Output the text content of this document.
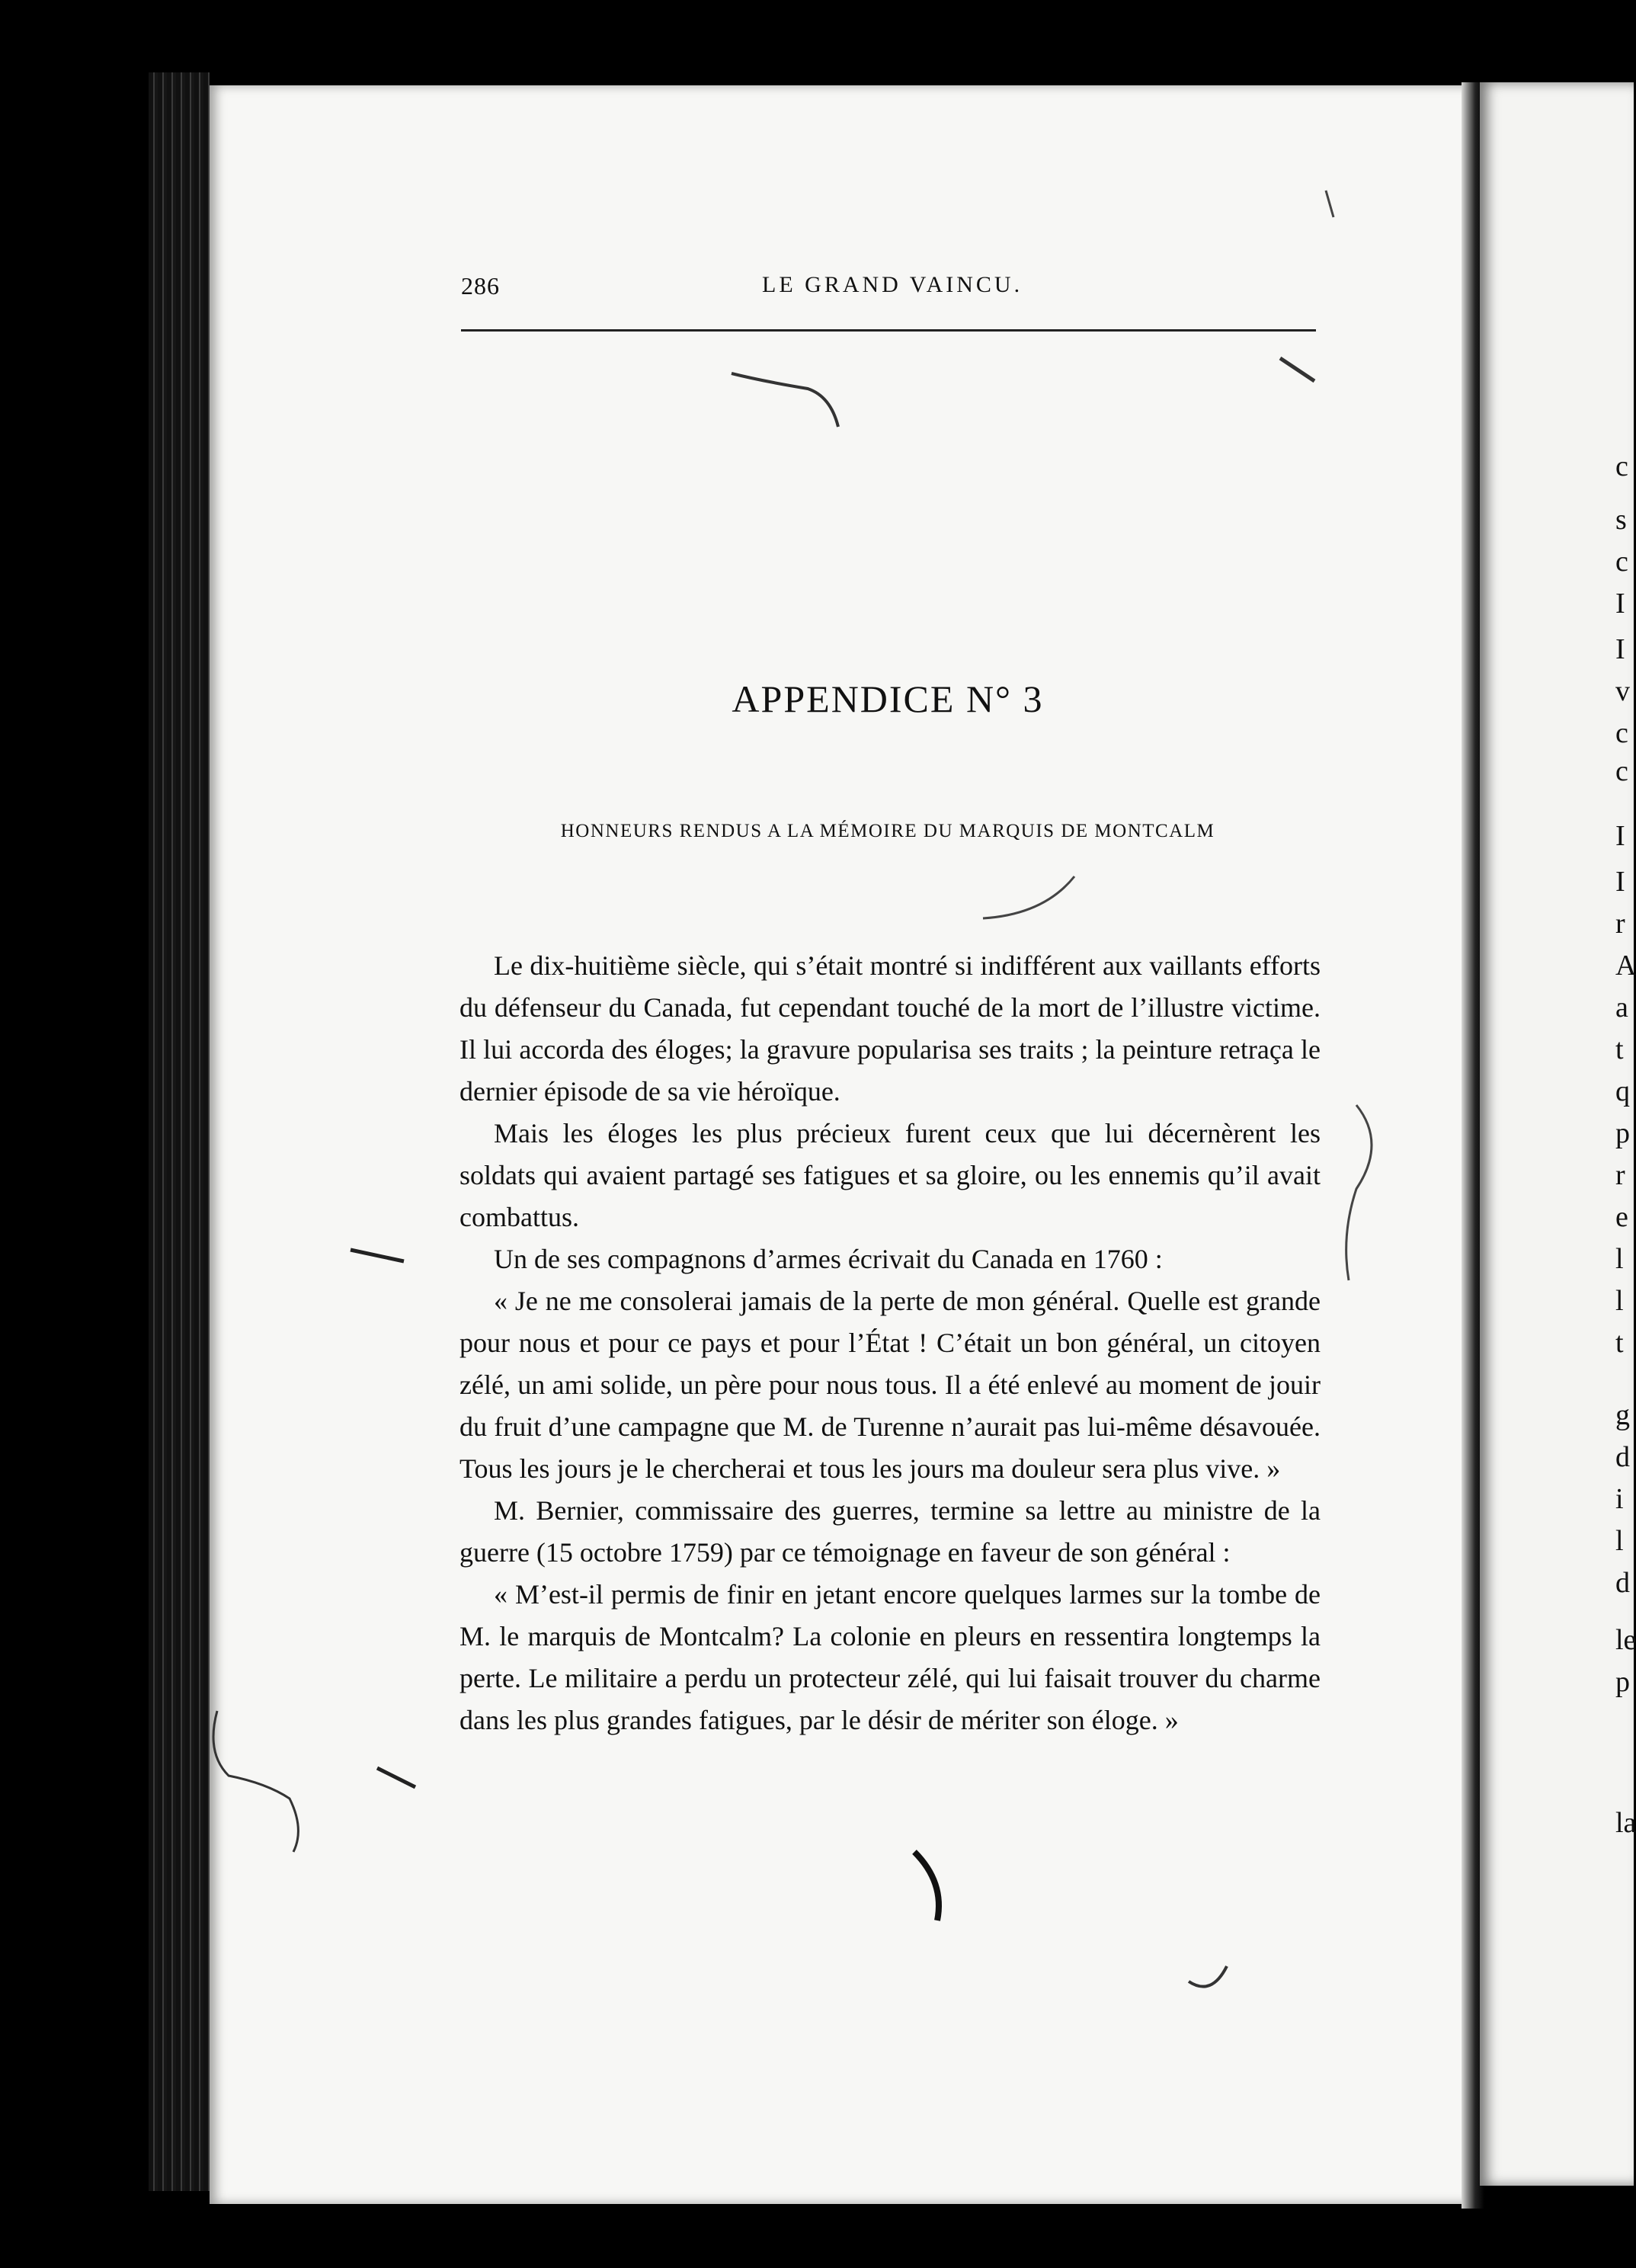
286	LE GRAND VAINCU.
APPENDICE N° 3
HONNEURS RENDUS A LA MÉMOIRE DU MARQUIS DE MONTCALM

Le dix-huitième siècle, qui s’était montré si indifférent aux vaillants efforts du défenseur du Canada, fut cependant touché de la mort de l’illustre victime. Il lui accorda des éloges; la gravure popularisa ses traits ; la peinture retraça le dernier épisode de sa vie héroïque.

Mais les éloges les plus précieux furent ceux que lui décernèrent les soldats qui avaient partagé ses fatigues et sa gloire, ou les ennemis qu’il avait combattus.

Un de ses compagnons d’armes écrivait du Canada en 1760 :

« Je ne me consolerai jamais de la perte de mon général. Quelle est grande pour nous et pour ce pays et pour l’État ! C’était un bon général, un citoyen zélé, un ami solide, un père pour nous tous. Il a été enlevé au moment de jouir du fruit d’une campagne que M. de Turenne n’aurait pas lui-même désavouée. Tous les jours je le chercherai et tous les jours ma douleur sera plus vive. »

M. Bernier, commissaire des guerres, termine sa lettre au ministre de la guerre (15 octobre 1759) par ce témoignage en faveur de son général :

« M’est-il permis de finir en jetant encore quelques larmes sur la tombe de M. le marquis de Montcalm? La colonie en pleurs en ressentira longtemps la perte. Le militaire a perdu un protecteur zélé, qui lui faisait trouver du charme dans les plus grandes fatigues, par le désir de mériter son éloge. »

c
s
c
I
I
v
c
c
I
I
r
A
a
t
q
p
r
e
l
l
t
g
d
i
l
d
le
p
la
